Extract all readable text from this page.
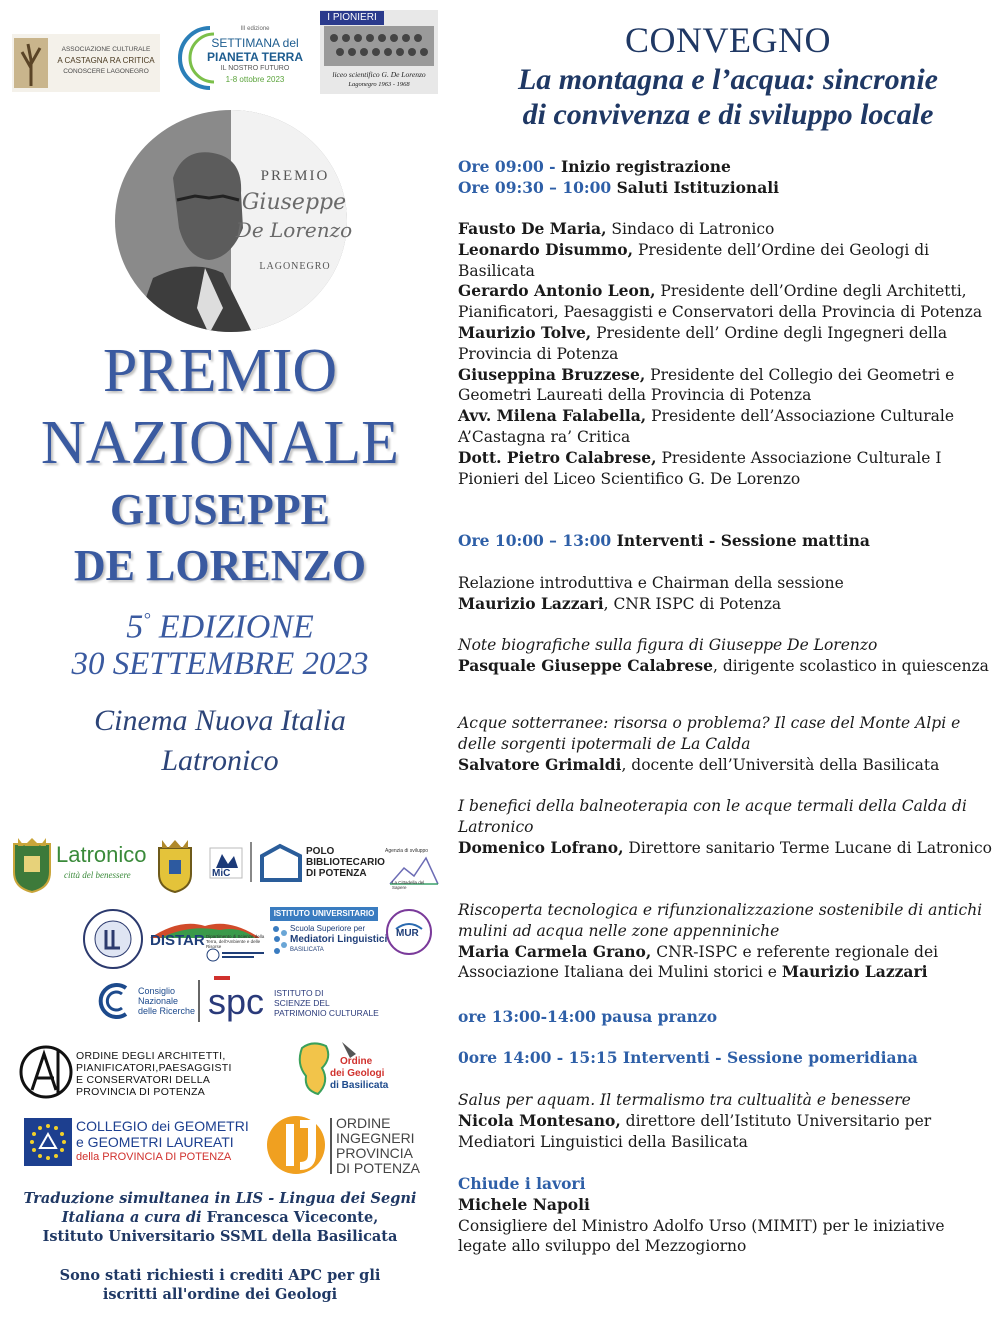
ASSOCIAZIONE CULTURALE
A CASTAGNA RA CRITICA
CONOSCERE LAGONEGRO
III edizione
SETTIMANA del
PIANETA TERRA
IL NOSTRO FUTURO
1-8 ottobre 2023
I PIONIERI
liceo scientifico G. De Lorenzo
Lagonegro 1963 - 1968
PREMIO
Giuseppe
De Lorenzo
LAGONEGRO
PREMIO
NAZIONALE
GIUSEPPE
DE LORENZO
5° EDIZIONE
30 SETTEMBRE 2023
Cinema Nuova Italia
Latronico
Latronico
città del benessere	MiC
POLO
BIBLIOTECARIO
DI POTENZA
Agenzia di sviluppo
La Cittadella del Sapere
DISTAR Dipartimento di Scienze della Terra, dell'Ambiente e delle Risorse
ISTITUTO UNIVERSITARIO
Scuola Superiore per
Mediatori Linguistici
BASILICATA
MUR
Consiglio
Nazionale
delle Ricerche spc ISTITUTO DI
SCIENZE DEL
PATRIMONIO CULTURALE
ORDINE DEGLI ARCHITETTI,
PIANIFICATORI,PAESAGGISTI
E CONSERVATORI DELLA
PROVINCIA DI POTENZA
Ordine
dei Geologi
di Basilicata
COLLEGIO dei GEOMETRI
e GEOMETRI LAUREATI
della PROVINCIA DI POTENZA
ORDINE
INGEGNERI
PROVINCIA
DI POTENZA
Traduzione simultanea in LIS - Lingua dei Segni
Italiana a cura di Francesca Viceconte,
Istituto Universitario SSML della Basilicata
Sono stati richiesti i crediti APC per gli
iscritti all'ordine dei Geologi
CONVEGNO
La montagna e l’acqua: sincronie
di convivenza e di sviluppo locale
Ore 09:00 - Inizio registrazione
Ore 09:30 – 10:00 Saluti Istituzionali
Fausto De Maria, Sindaco di Latronico
Leonardo Disummo, Presidente dell’Ordine dei Geologi di Basilicata
Gerardo Antonio Leon, Presidente dell’Ordine degli Architetti, Pianificatori, Paesaggisti e Conservatori della Provincia di Potenza
Maurizio Tolve, Presidente dell’ Ordine degli Ingegneri della Provincia di Potenza
Giuseppina Bruzzese, Presidente del Collegio dei Geometri e Geometri Laureati della Provincia di Potenza
Avv. Milena Falabella, Presidente dell’Associazione Culturale A’Castagna ra’ Critica
Dott. Pietro Calabrese, Presidente Associazione Culturale I Pionieri del Liceo Scientifico G. De Lorenzo
Ore 10:00 – 13:00 Interventi - Sessione mattina
Relazione introduttiva e Chairman della sessione
Maurizio Lazzari, CNR ISPC di Potenza
Note biografiche sulla figura di Giuseppe De Lorenzo
Pasquale Giuseppe Calabrese, dirigente scolastico in quiescenza
Acque sotterranee: risorsa o problema? Il case del Monte Alpi e delle sorgenti ipotermali de La Calda
Salvatore Grimaldi, docente dell’Università della Basilicata
I benefici della balneoterapia con le acque termali della Calda di Latronico
Domenico Lofrano, Direttore sanitario Terme Lucane di Latronico
Riscoperta tecnologica e rifunzionalizzazione sostenibile di antichi mulini ad acqua nelle zone appenniniche
Maria Carmela Grano, CNR-ISPC e referente regionale dei Associazione Italiana dei Mulini storici e Maurizio Lazzari
ore 13:00-14:00 pausa pranzo
0ore 14:00 - 15:15 Interventi - Sessione pomeridiana
Salus per aquam. Il termalismo tra cultualità e benessere
Nicola Montesano, direttore dell’Istituto Universitario per Mediatori Linguistici della Basilicata
Chiude i lavori
Michele Napoli
Consigliere del Ministro Adolfo Urso (MIMIT) per le iniziative legate allo sviluppo del Mezzogiorno
